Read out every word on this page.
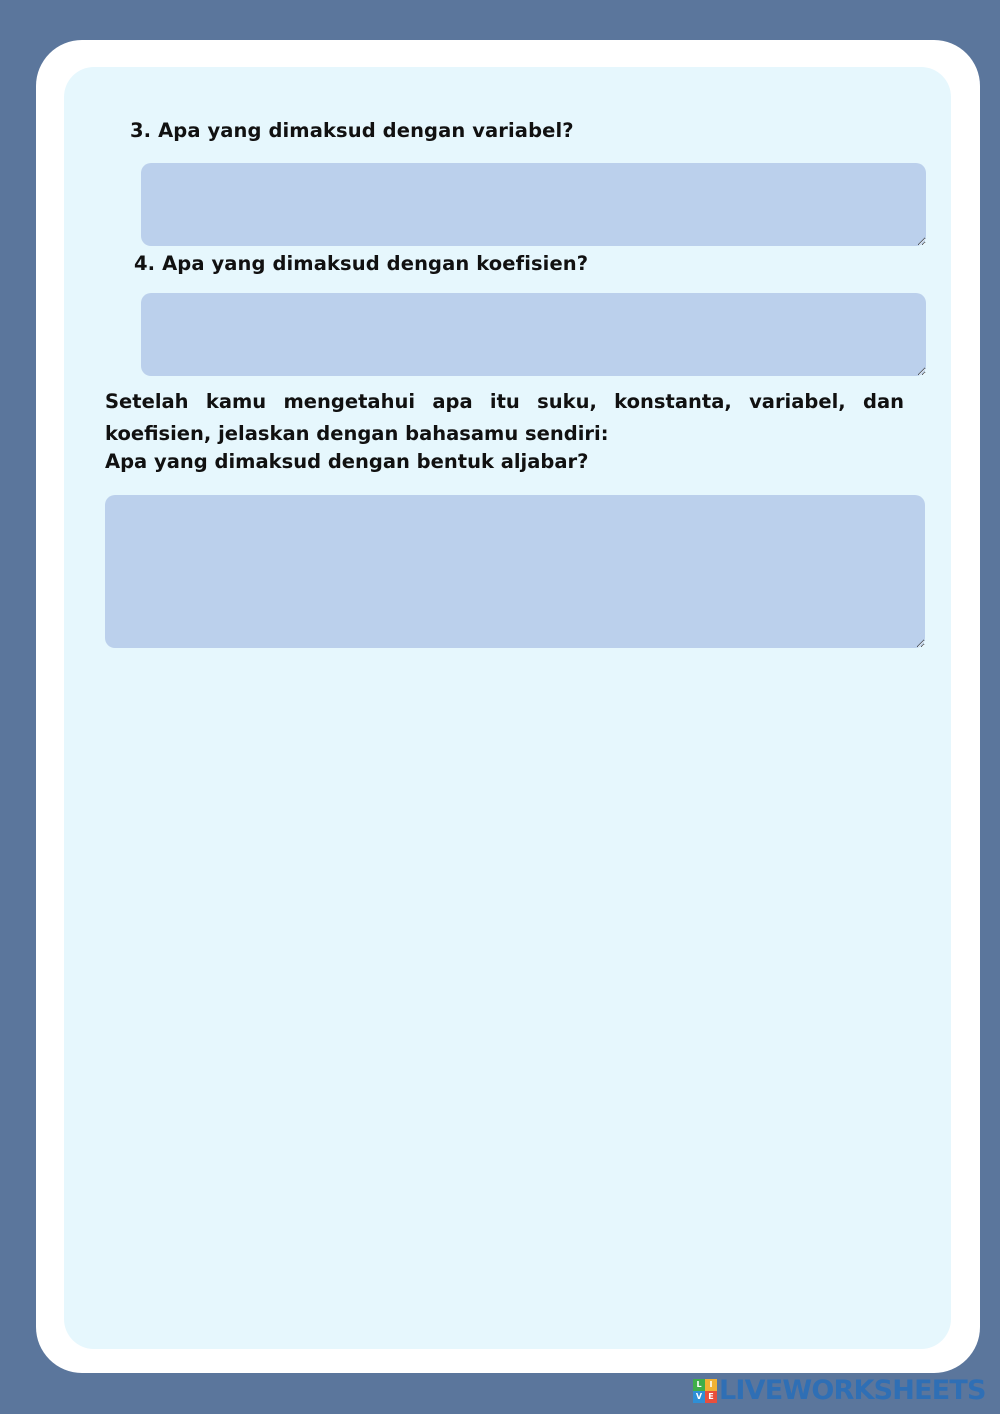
3. Apa yang dimaksud dengan variabel?

4. Apa yang dimaksud dengan koefisien?

Setelah kamu mengetahui apa itu suku, konstanta, variabel, dan koefisien, jelaskan dengan bahasamu sendiri:

Apa yang dimaksud dengan bentuk aljabar?

L I
V E LIVEWORKSHEETS
